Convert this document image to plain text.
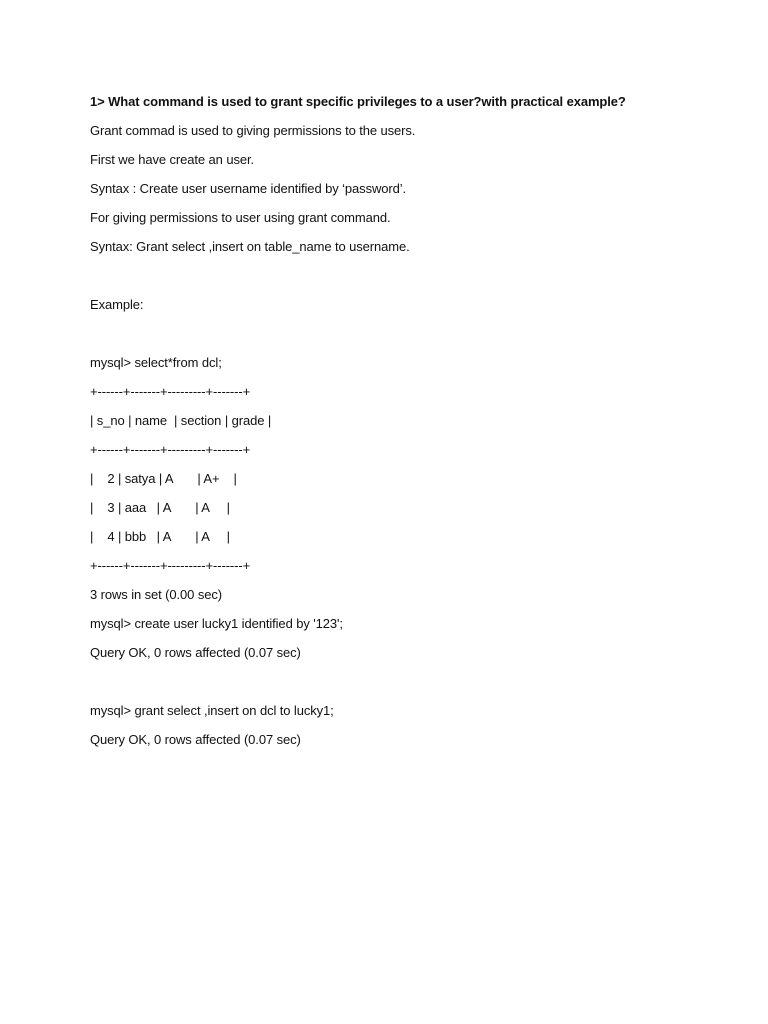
1> What command is used to grant specific privileges to a user?with practical example?
Grant commad is used to giving permissions to the users.
First we have create an user.
Syntax : Create user username identified by ‘password’.
For giving permissions to user using grant command.
Syntax: Grant select ,insert on table_name to username.
Example:
mysql> select*from dcl;
+------+-------+---------+-------+
| s_no | name  | section | grade |
+------+-------+---------+-------+
|    2 | satya | A       | A+    |
|    3 | aaa   | A       | A     |
|    4 | bbb   | A       | A     |
+------+-------+---------+-------+
3 rows in set (0.00 sec)
mysql> create user lucky1 identified by '123';
Query OK, 0 rows affected (0.07 sec)
mysql> grant select ,insert on dcl to lucky1;
Query OK, 0 rows affected (0.07 sec)
